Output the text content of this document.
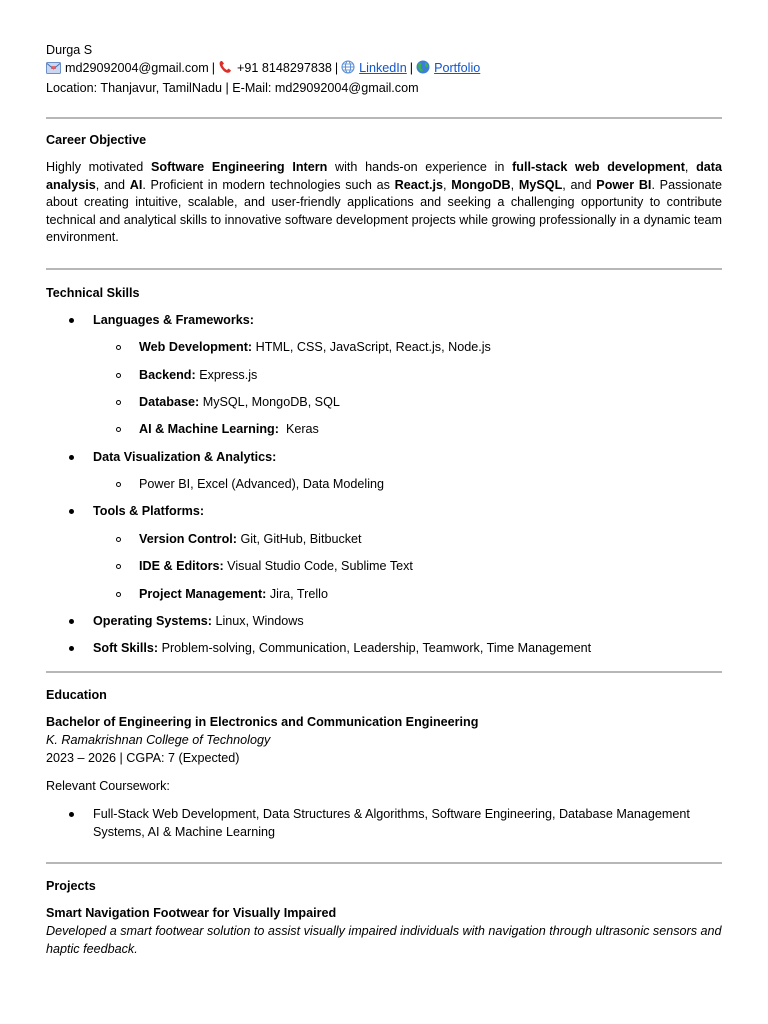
Durga S
md29092004@gmail.com | +91 8148297838 | LinkedIn | Portfolio
Location: Thanjavur, TamilNadu | E-Mail: md29092004@gmail.com
Career Objective
Highly motivated Software Engineering Intern with hands-on experience in full-stack web development, data analysis, and AI. Proficient in modern technologies such as React.js, MongoDB, MySQL, and Power BI. Passionate about creating intuitive, scalable, and user-friendly applications and seeking a challenging opportunity to contribute technical and analytical skills to innovative software development projects while growing professionally in a dynamic team environment.
Technical Skills
Languages & Frameworks:
Web Development: HTML, CSS, JavaScript, React.js, Node.js
Backend: Express.js
Database: MySQL, MongoDB, SQL
AI & Machine Learning:  Keras
Data Visualization & Analytics:
Power BI, Excel (Advanced), Data Modeling
Tools & Platforms:
Version Control: Git, GitHub, Bitbucket
IDE & Editors: Visual Studio Code, Sublime Text
Project Management: Jira, Trello
Operating Systems: Linux, Windows
Soft Skills: Problem-solving, Communication, Leadership, Teamwork, Time Management
Education
Bachelor of Engineering in Electronics and Communication Engineering
K. Ramakrishnan College of Technology
2023 – 2026 | CGPA: 7 (Expected)
Relevant Coursework:
Full-Stack Web Development, Data Structures & Algorithms, Software Engineering, Database Management Systems, AI & Machine Learning
Projects
Smart Navigation Footwear for Visually Impaired
Developed a smart footwear solution to assist visually impaired individuals with navigation through ultrasonic sensors and haptic feedback.
